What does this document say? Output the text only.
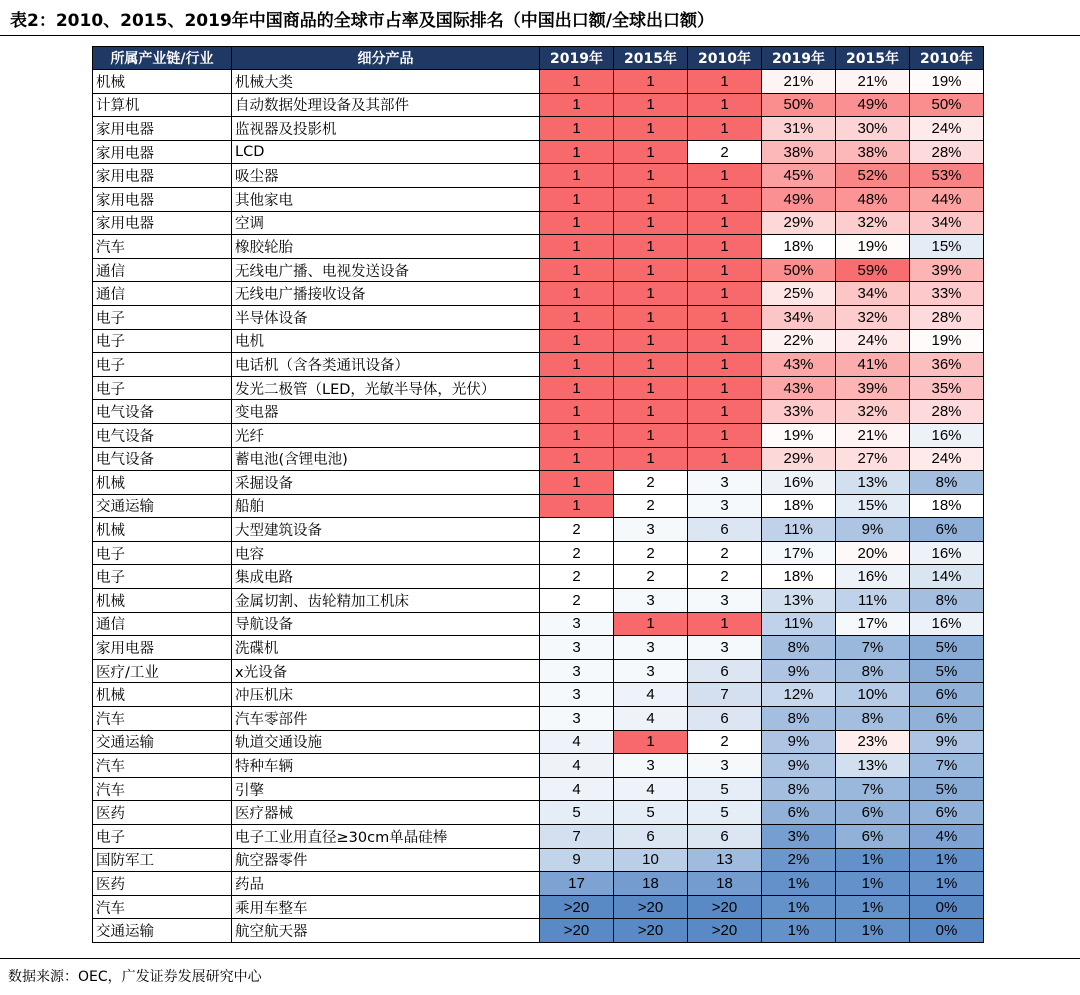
表2：2010、2015、2019年中国商品的全球市占率及国际排名（中国出口额/全球出口额）
所属产业链/行业	细分产品	2019年	2015年	2010年	2019年	2015年	2010年
机械	机械大类	1	1	1	21%	21%	19%
计算机	自动数据处理设备及其部件	1	1	1	50%	49%	50%
家用电器	监视器及投影机	1	1	1	31%	30%	24%
家用电器	LCD	1	1	2	38%	38%	28%
家用电器	吸尘器	1	1	1	45%	52%	53%
家用电器	其他家电	1	1	1	49%	48%	44%
家用电器	空调	1	1	1	29%	32%	34%
汽车	橡胶轮胎	1	1	1	18%	19%	15%
通信	无线电广播、电视发送设备	1	1	1	50%	59%	39%
通信	无线电广播接收设备	1	1	1	25%	34%	33%
电子	半导体设备	1	1	1	34%	32%	28%
电子	电机	1	1	1	22%	24%	19%
电子	电话机（含各类通讯设备）	1	1	1	43%	41%	36%
电子	发光二极管（LED，光敏半导体，光伏）	1	1	1	43%	39%	35%
电气设备	变电器	1	1	1	33%	32%	28%
电气设备	光纤	1	1	1	19%	21%	16%
电气设备	蓄电池(含锂电池)	1	1	1	29%	27%	24%
机械	采掘设备	1	2	3	16%	13%	8%
交通运输	船舶	1	2	3	18%	15%	18%
机械	大型建筑设备	2	3	6	11%	9%	6%
电子	电容	2	2	2	17%	20%	16%
电子	集成电路	2	2	2	18%	16%	14%
机械	金属切割、齿轮精加工机床	2	3	3	13%	11%	8%
通信	导航设备	3	1	1	11%	17%	16%
家用电器	洗碟机	3	3	3	8%	7%	5%
医疗/工业	x光设备	3	3	6	9%	8%	5%
机械	冲压机床	3	4	7	12%	10%	6%
汽车	汽车零部件	3	4	6	8%	8%	6%
交通运输	轨道交通设施	4	1	2	9%	23%	9%
汽车	特种车辆	4	3	3	9%	13%	7%
汽车	引擎	4	4	5	8%	7%	5%
医药	医疗器械	5	5	5	6%	6%	6%
电子	电子工业用直径≥30cm单晶硅棒	7	6	6	3%	6%	4%
国防军工	航空器零件	9	10	13	2%	1%	1%
医药	药品	17	18	18	1%	1%	1%
汽车	乘用车整车	>20	>20	>20	1%	1%	0%
交通运输	航空航天器	>20	>20	>20	1%	1%	0%
数据来源：OEC，广发证券发展研究中心
